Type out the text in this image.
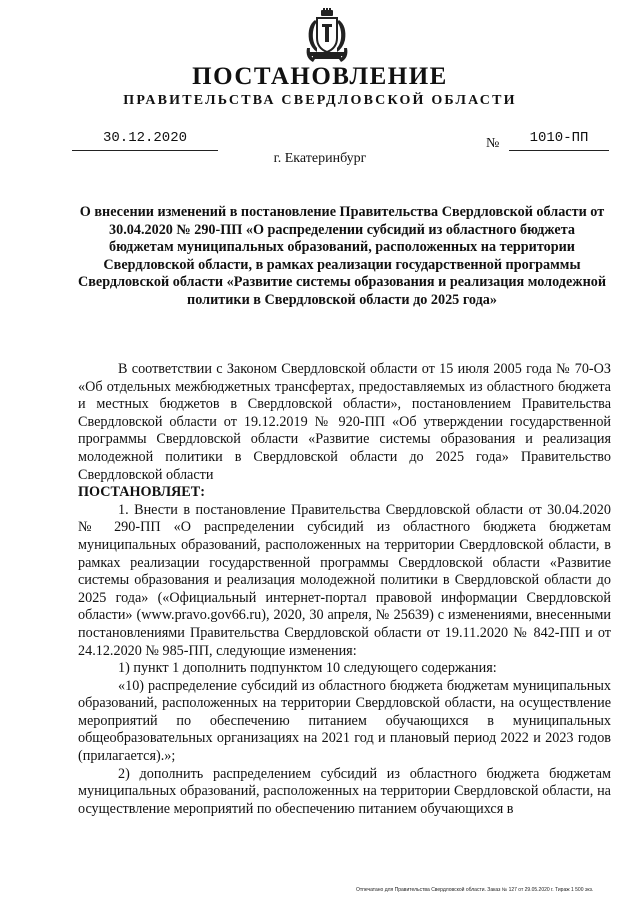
ПОСТАНОВЛЕНИЕ
ПРАВИТЕЛЬСТВА СВЕРДЛОВСКОЙ ОБЛАСТИ
30.12.2020	№	1010-ПП
г. Екатеринбург
О внесении изменений в постановление Правительства Свердловской области от 30.04.2020 № 290-ПП «О распределении субсидий из областного бюджета бюджетам муниципальных образований, расположенных на территории Свердловской области, в рамках реализации государственной программы Свердловской области «Развитие системы образования и реализация молодежной политики в Свердловской области до 2025 года»

В соответствии с Законом Свердловской области от 15 июля 2005 года № 70-ОЗ «Об отдельных межбюджетных трансфертах, предоставляемых из областного бюджета и местных бюджетов в Свердловской области», постановлением Правительства Свердловской области от 19.12.2019 № 920-ПП «Об утверждении государственной программы Свердловской области «Развитие системы образования и реализация молодежной политики в Свердловской области до 2025 года» Правительство Свердловской области

ПОСТАНОВЛЯЕТ:

1. Внести в постановление Правительства Свердловской области от 30.04.2020 № 290-ПП «О распределении субсидий из областного бюджета бюджетам муниципальных образований, расположенных на территории Свердловской области, в рамках реализации государственной программы Свердловской области «Развитие системы образования и реализация молодежной политики в Свердловской области до 2025 года» («Официальный интернет-портал правовой информации Свердловской области» (www.pravo.gov66.ru), 2020, 30 апреля, № 25639) с изменениями, внесенными постановлениями Правительства Свердловской области от 19.11.2020 № 842-ПП и от 24.12.2020 № 985-ПП, следующие изменения:

1) пункт 1 дополнить подпунктом 10 следующего содержания:

«10) распределение субсидий из областного бюджета бюджетам муниципальных образований, расположенных на территории Свердловской области, на осуществление мероприятий по обеспечению питанием обучающихся в муниципальных общеобразовательных организациях на 2021 год и плановый период 2022 и 2023 годов (прилагается).»;

2) дополнить распределением субсидий из областного бюджета бюджетам муниципальных образований, расположенных на территории Свердловской области, на осуществление мероприятий по обеспечению питанием обучающихся в

Отпечатано для Правительства Свердловской области. Заказ № 127 от 29.05.2020 г. Тираж 1 500 экз.
